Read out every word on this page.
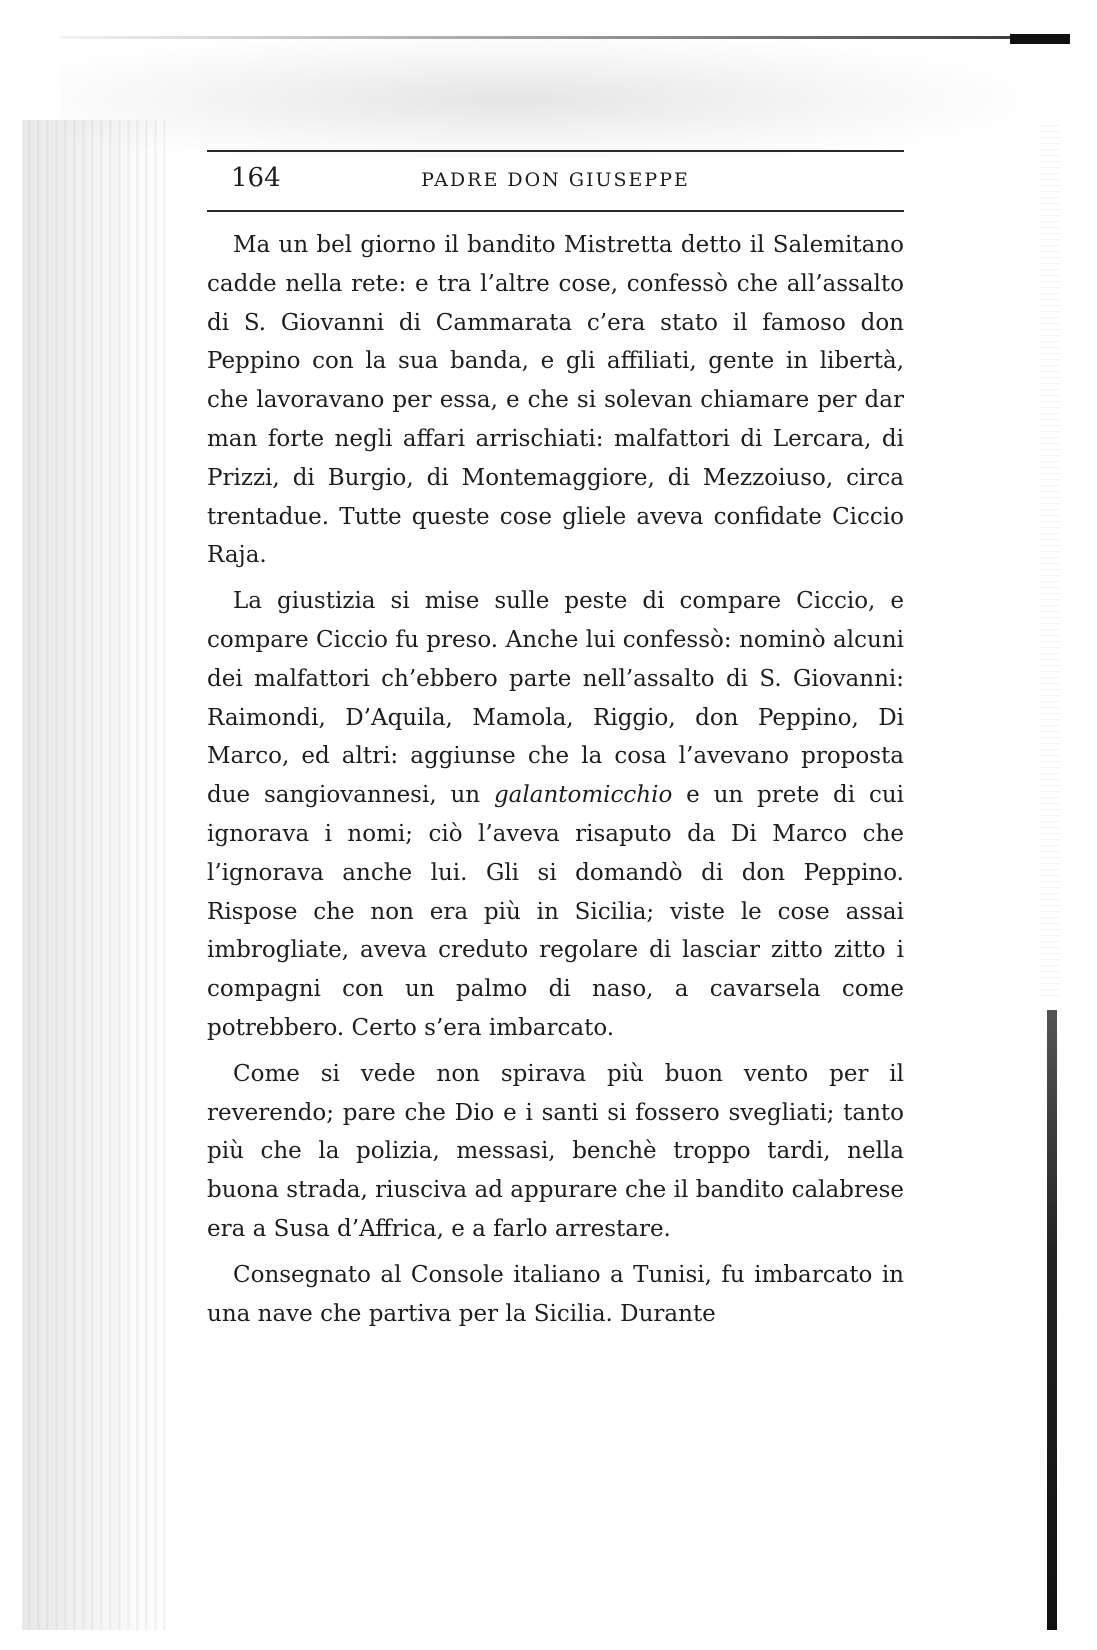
164	PADRE DON GIUSEPPE

Ma un bel giorno il bandito Mistretta detto il Salemitano cadde nella rete: e tra l’altre cose, confessò che all’assalto di S. Giovanni di Cammarata c’era stato il famoso don Peppino con la sua banda, e gli affiliati, gente in libertà, che lavoravano per essa, e che si solevan chiamare per dar man forte negli affari arrischiati: malfattori di Lercara, di Prizzi, di Burgio, di Montemaggiore, di Mezzoiuso, circa trentadue. Tutte queste cose gliele aveva confidate Ciccio Raja.

La giustizia si mise sulle peste di compare Ciccio, e compare Ciccio fu preso. Anche lui confessò: nominò alcuni dei malfattori ch’ebbero parte nell’assalto di S. Giovanni: Raimondi, D’Aquila, Mamola, Riggio, don Peppino, Di Marco, ed altri: aggiunse che la cosa l’avevano proposta due sangiovannesi, un galantomicchio e un prete di cui ignorava i nomi; ciò l’aveva risaputo da Di Marco che l’ignorava anche lui. Gli si domandò di don Peppino. Rispose che non era più in Sicilia; viste le cose assai imbrogliate, aveva creduto regolare di lasciar zitto zitto i compagni con un palmo di naso, a cavarsela come potrebbero. Certo s’era imbarcato.

Come si vede non spirava più buon vento per il reverendo; pare che Dio e i santi si fossero svegliati; tanto più che la polizia, messasi, benchè troppo tardi, nella buona strada, riusciva ad appurare che il bandito calabrese era a Susa d’Affrica, e a farlo arrestare.

Consegnato al Console italiano a Tunisi, fu imbarcato in una nave che partiva per la Sicilia. Durante
